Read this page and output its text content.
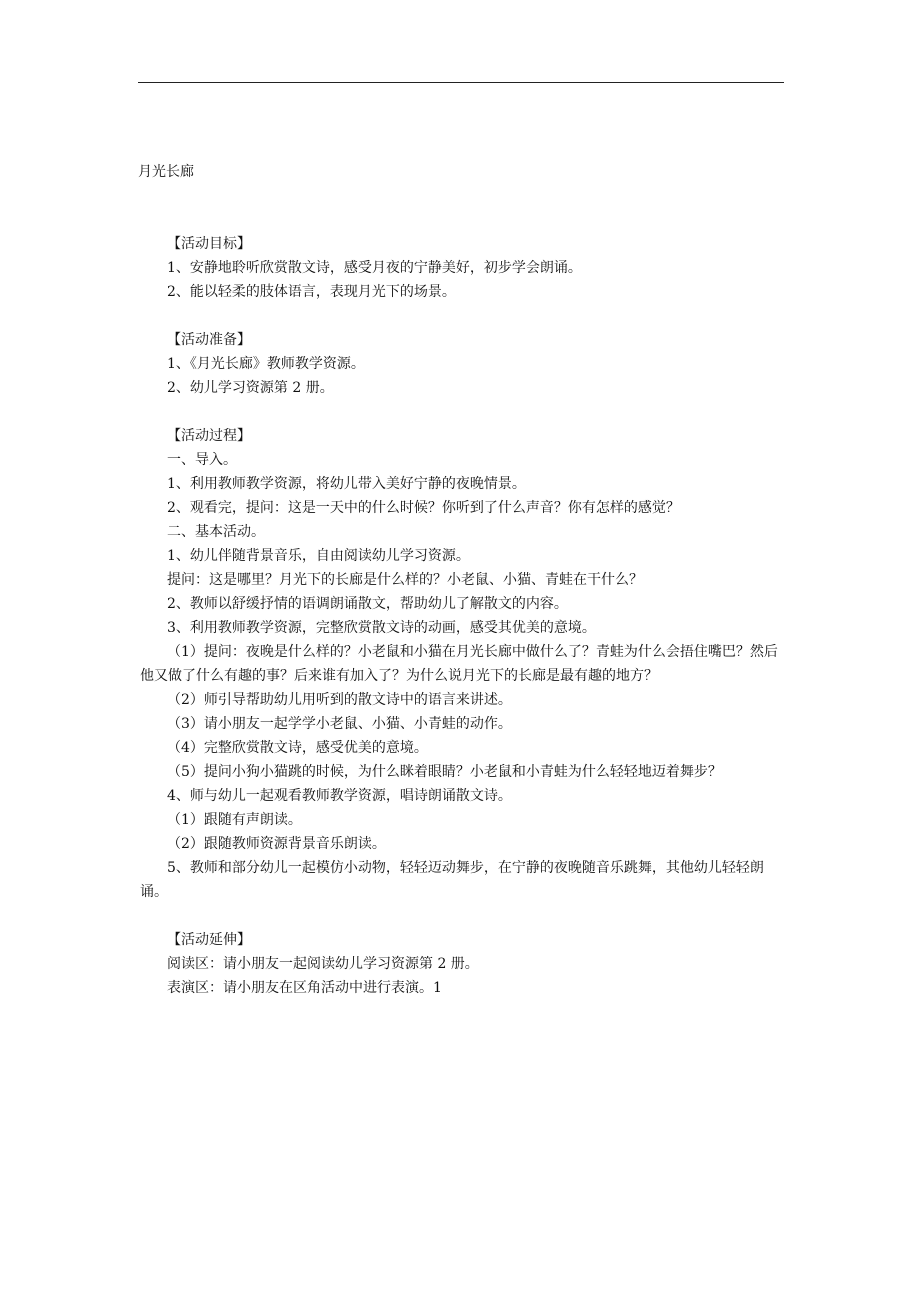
月光长廊

【活动目标】

1、安静地聆听欣赏散文诗，感受月夜的宁静美好，初步学会朗诵。

2、能以轻柔的肢体语言，表现月光下的场景。

【活动准备】

1、《月光长廊》教师教学资源。

2、幼儿学习资源第 2 册。

【活动过程】

一、导入。

1、利用教师教学资源，将幼儿带入美好宁静的夜晚情景。

2、观看完，提问：这是一天中的什么时候？你听到了什么声音？你有怎样的感觉？

二、基本活动。

1、幼儿伴随背景音乐，自由阅读幼儿学习资源。

提问：这是哪里？月光下的长廊是什么样的？小老鼠、小猫、青蛙在干什么？

2、教师以舒缓抒情的语调朗诵散文，帮助幼儿了解散文的内容。

3、利用教师教学资源，完整欣赏散文诗的动画，感受其优美的意境。

（1）提问：夜晚是什么样的？小老鼠和小猫在月光长廊中做什么了？青蛙为什么会捂住嘴巴？然后他又做了什么有趣的事？后来谁有加入了？为什么说月光下的长廊是最有趣的地方？

（2）师引导帮助幼儿用听到的散文诗中的语言来讲述。

（3）请小朋友一起学学小老鼠、小猫、小青蛙的动作。

（4）完整欣赏散文诗，感受优美的意境。

（5）提问小狗小猫跳的时候，为什么眯着眼睛？小老鼠和小青蛙为什么轻轻地迈着舞步？

4、师与幼儿一起观看教师教学资源，唱诗朗诵散文诗。

（1）跟随有声朗读。

（2）跟随教师资源背景音乐朗读。

5、教师和部分幼儿一起模仿小动物，轻轻迈动舞步，在宁静的夜晚随音乐跳舞，其他幼儿轻轻朗诵。

【活动延伸】

阅读区：请小朋友一起阅读幼儿学习资源第 2 册。

表演区：请小朋友在区角活动中进行表演。1
